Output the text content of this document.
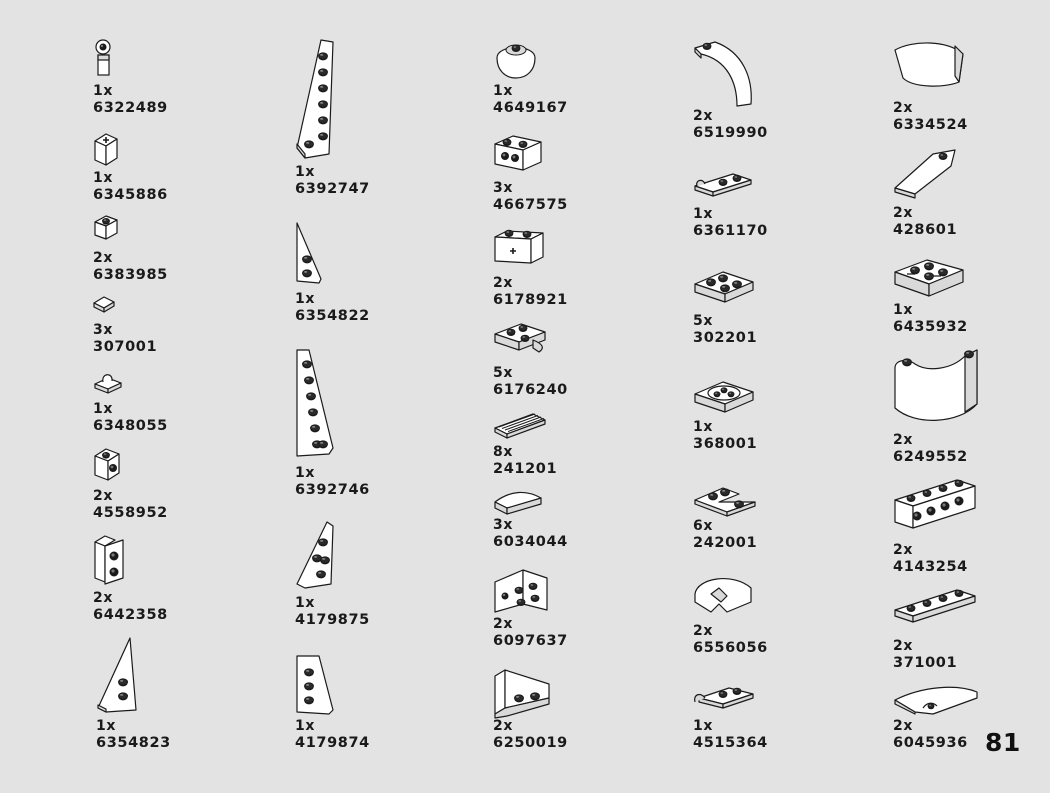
1x
6322489
1x
6345886
2x
6383985
3x
307001
1x
6348055
2x
4558952
2x
6442358
1x
6354823
1x
6392747
1x
6354822
1x
6392746
1x
4179875
1x
4179874
1x
4649167
3x
4667575
2x
6178921
5x
6176240
8x
241201
3x
6034044
2x
6097637
2x
6250019
2x
6519990
1x
6361170
5x
302201
1x
368001
6x
242001
2x
6556056
1x
4515364
2x
6334524
2x
428601
1x
6435932
2x
6249552
2x
4143254
2x
371001
2x
6045936 81
